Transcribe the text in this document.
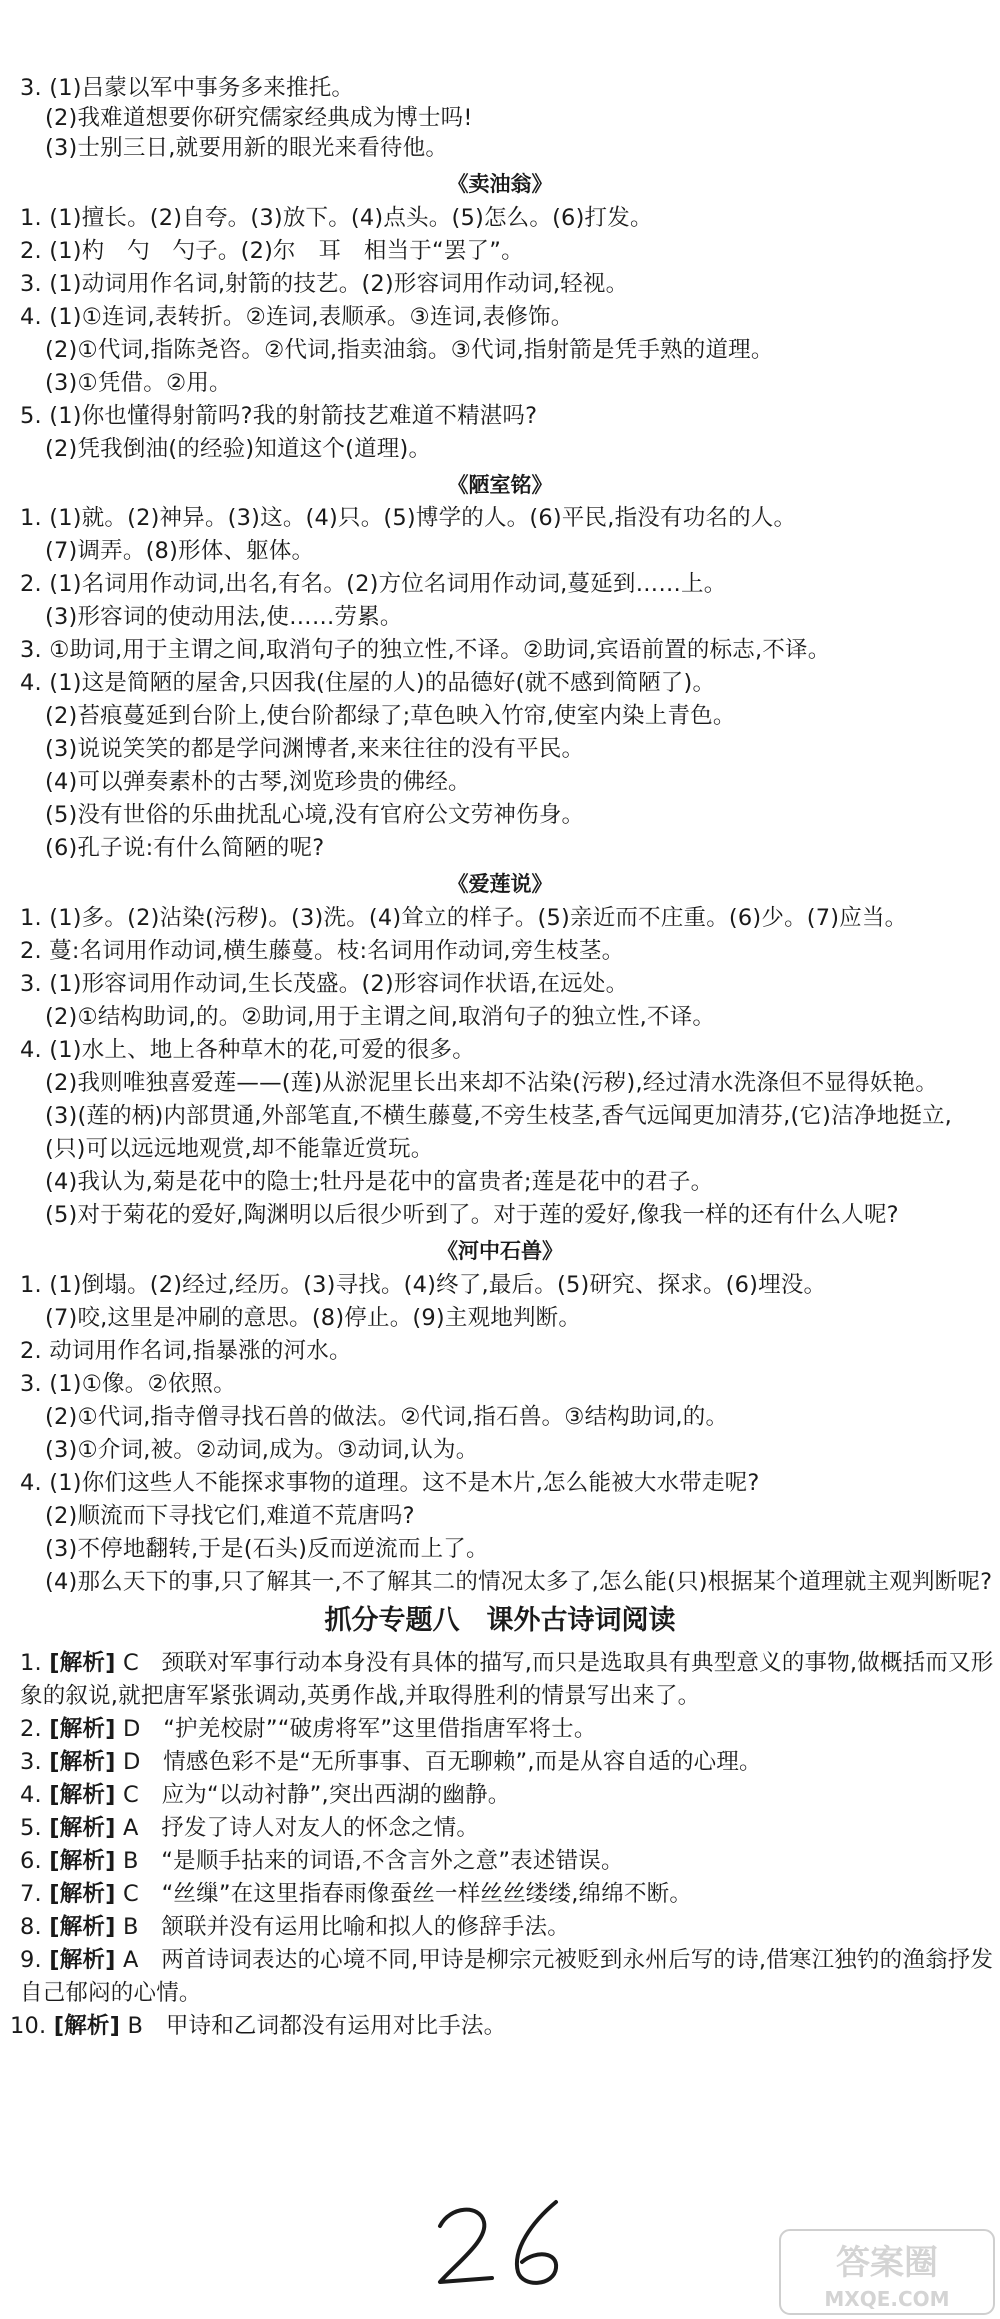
3. (1)吕蒙以军中事务多来推托。
(2)我难道想要你研究儒家经典成为博士吗!
(3)士别三日,就要用新的眼光来看待他。
《卖油翁》
1. (1)擅长。(2)自夸。(3)放下。(4)点头。(5)怎么。(6)打发。
2. (1)杓　勺　勺子。(2)尔　耳　相当于“罢了”。
3. (1)动词用作名词,射箭的技艺。(2)形容词用作动词,轻视。
4. (1)①连词,表转折。②连词,表顺承。③连词,表修饰。
(2)①代词,指陈尧咨。②代词,指卖油翁。③代词,指射箭是凭手熟的道理。
(3)①凭借。②用。
5. (1)你也懂得射箭吗?我的射箭技艺难道不精湛吗?
(2)凭我倒油(的经验)知道这个(道理)。
《陋室铭》
1. (1)就。(2)神异。(3)这。(4)只。(5)博学的人。(6)平民,指没有功名的人。
(7)调弄。(8)形体、躯体。
2. (1)名词用作动词,出名,有名。(2)方位名词用作动词,蔓延到……上。
(3)形容词的使动用法,使……劳累。
3. ①助词,用于主谓之间,取消句子的独立性,不译。②助词,宾语前置的标志,不译。
4. (1)这是简陋的屋舍,只因我(住屋的人)的品德好(就不感到简陋了)。
(2)苔痕蔓延到台阶上,使台阶都绿了;草色映入竹帘,使室内染上青色。
(3)说说笑笑的都是学问渊博者,来来往往的没有平民。
(4)可以弹奏素朴的古琴,浏览珍贵的佛经。
(5)没有世俗的乐曲扰乱心境,没有官府公文劳神伤身。
(6)孔子说:有什么简陋的呢?
《爱莲说》
1. (1)多。(2)沾染(污秽)。(3)洗。(4)耸立的样子。(5)亲近而不庄重。(6)少。(7)应当。
2. 蔓:名词用作动词,横生藤蔓。枝:名词用作动词,旁生枝茎。
3. (1)形容词用作动词,生长茂盛。(2)形容词作状语,在远处。
(2)①结构助词,的。②助词,用于主谓之间,取消句子的独立性,不译。
4. (1)水上、地上各种草木的花,可爱的很多。
(2)我则唯独喜爱莲——(莲)从淤泥里长出来却不沾染(污秽),经过清水洗涤但不显得妖艳。
(3)(莲的柄)内部贯通,外部笔直,不横生藤蔓,不旁生枝茎,香气远闻更加清芬,(它)洁净地挺立,
(只)可以远远地观赏,却不能靠近赏玩。
(4)我认为,菊是花中的隐士;牡丹是花中的富贵者;莲是花中的君子。
(5)对于菊花的爱好,陶渊明以后很少听到了。对于莲的爱好,像我一样的还有什么人呢?
《河中石兽》
1. (1)倒塌。(2)经过,经历。(3)寻找。(4)终了,最后。(5)研究、探求。(6)埋没。
(7)咬,这里是冲刷的意思。(8)停止。(9)主观地判断。
2. 动词用作名词,指暴涨的河水。
3. (1)①像。②依照。
(2)①代词,指寺僧寻找石兽的做法。②代词,指石兽。③结构助词,的。
(3)①介词,被。②动词,成为。③动词,认为。
4. (1)你们这些人不能探求事物的道理。这不是木片,怎么能被大水带走呢?
(2)顺流而下寻找它们,难道不荒唐吗?
(3)不停地翻转,于是(石头)反而逆流而上了。
(4)那么天下的事,只了解其一,不了解其二的情况太多了,怎么能(只)根据某个道理就主观判断呢?
抓分专题八　课外古诗词阅读
1. [解析] C　颈联对军事行动本身没有具体的描写,而只是选取具有典型意义的事物,做概括而又形
象的叙说,就把唐军紧张调动,英勇作战,并取得胜利的情景写出来了。
2. [解析] D　“护羌校尉”“破虏将军”这里借指唐军将士。
3. [解析] D　情感色彩不是“无所事事、百无聊赖”,而是从容自适的心理。
4. [解析] C　应为“以动衬静”,突出西湖的幽静。
5. [解析] A　抒发了诗人对友人的怀念之情。
6. [解析] B　“是顺手拈来的词语,不含言外之意”表述错误。
7. [解析] C　“丝缫”在这里指春雨像蚕丝一样丝丝缕缕,绵绵不断。
8. [解析] B　颔联并没有运用比喻和拟人的修辞手法。
9. [解析] A　两首诗词表达的心境不同,甲诗是柳宗元被贬到永州后写的诗,借寒江独钓的渔翁抒发
自己郁闷的心情。
10. [解析] B　甲诗和乙词都没有运用对比手法。
答案圈
MXQE.COM
